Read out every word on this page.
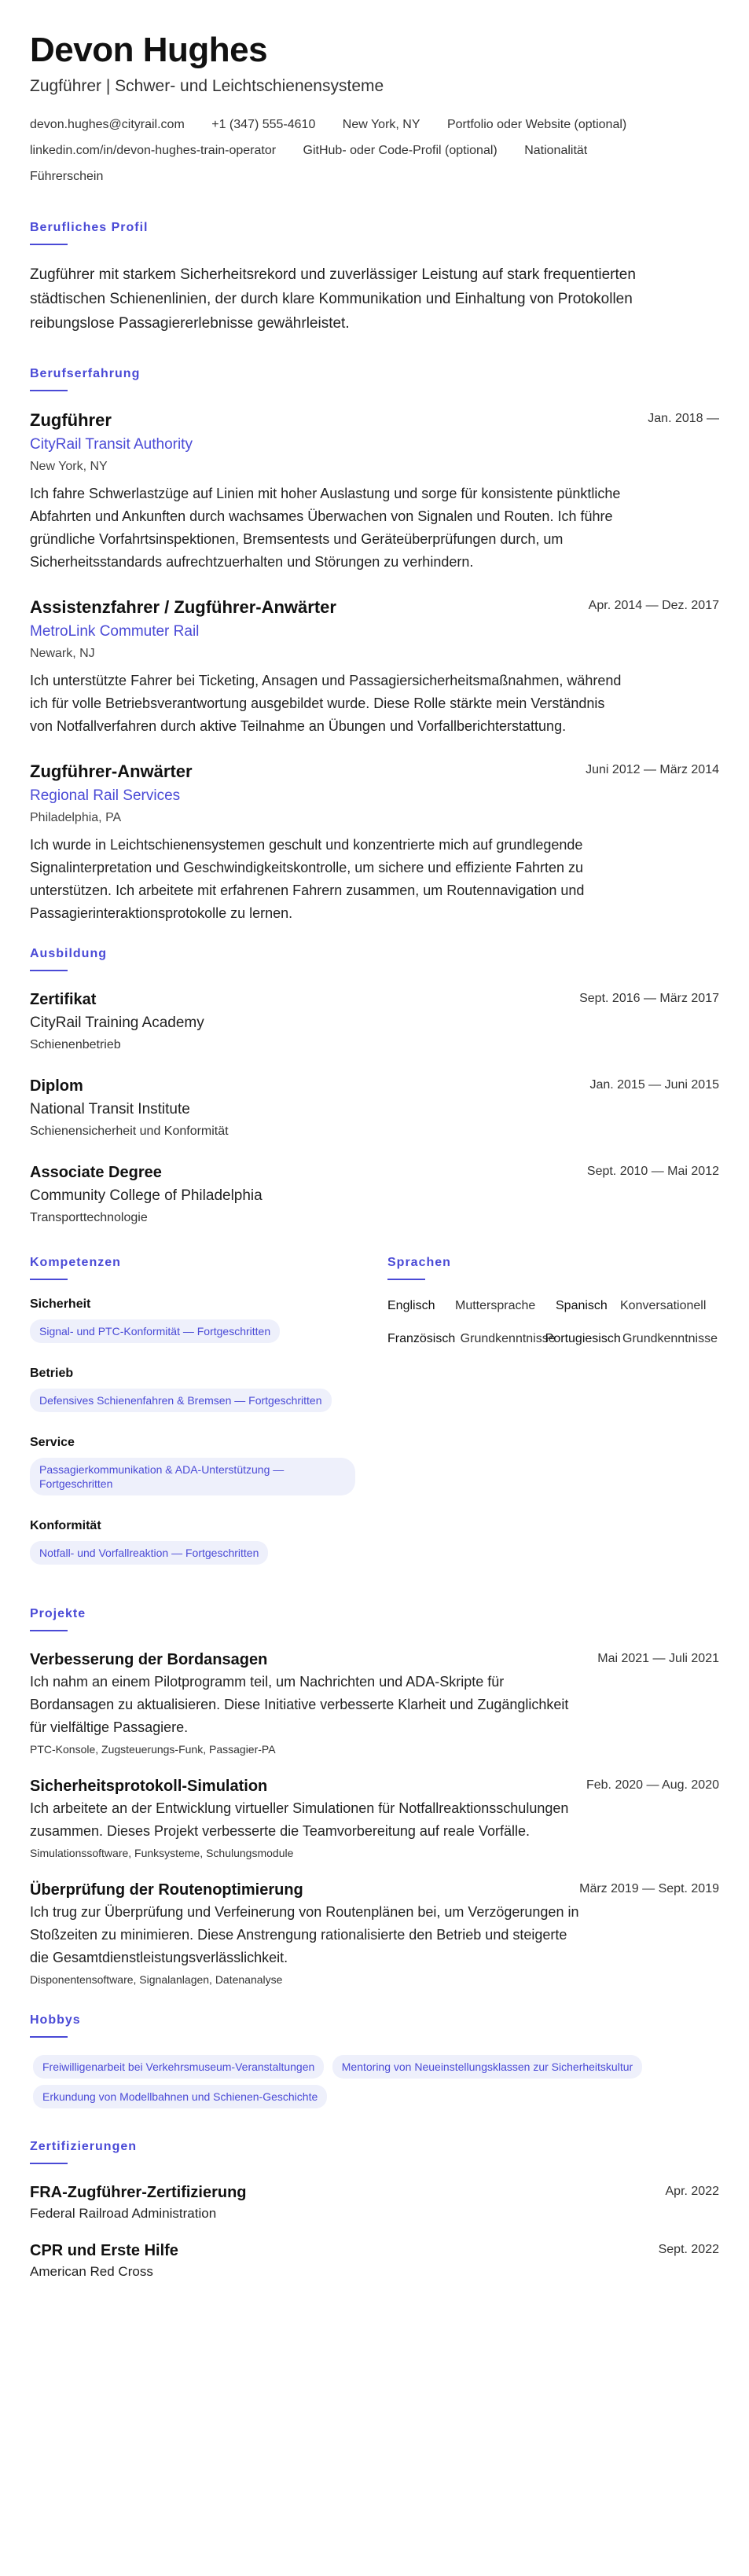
Devon Hughes
Zugführer | Schwer- und Leichtschienensysteme
devon.hughes@cityrail.com +1 (347) 555-4610 New York, NY Portfolio oder Website (optional)
linkedin.com/in/devon-hughes-train-operator GitHub- oder Code-Profil (optional) Nationalität
Führerschein
Berufliches Profil
Zugführer mit starkem Sicherheitsrekord und zuverlässiger Leistung auf stark frequentierten städtischen Schienenlinien, der durch klare Kommunikation und Einhaltung von Protokollen reibungslose Passagiererlebnisse gewährleistet.
Berufserfahrung
Zugführer	Jan. 2018 —
CityRail Transit Authority
New York, NY
Ich fahre Schwerlastzüge auf Linien mit hoher Auslastung und sorge für konsistente pünktliche Abfahrten und Ankunften durch wachsames Überwachen von Signalen und Routen. Ich führe gründliche Vorfahrtsinspektionen, Bremsentests und Geräteüberprüfungen durch, um Sicherheitsstandards aufrechtzuerhalten und Störungen zu verhindern.
Assistenzfahrer / Zugführer-Anwärter	Apr. 2014 — Dez. 2017
MetroLink Commuter Rail
Newark, NJ
Ich unterstützte Fahrer bei Ticketing, Ansagen und Passagiersicherheitsmaßnahmen, während ich für volle Betriebsverantwortung ausgebildet wurde. Diese Rolle stärkte mein Verständnis von Notfallverfahren durch aktive Teilnahme an Übungen und Vorfallberichterstattung.
Zugführer-Anwärter	Juni 2012 — März 2014
Regional Rail Services
Philadelphia, PA
Ich wurde in Leichtschienensystemen geschult und konzentrierte mich auf grundlegende Signalinterpretation und Geschwindigkeitskontrolle, um sichere und effiziente Fahrten zu unterstützen. Ich arbeitete mit erfahrenen Fahrern zusammen, um Routennavigation und Passagierinteraktionsprotokolle zu lernen.
Ausbildung
Zertifikat	Sept. 2016 — März 2017
CityRail Training Academy
Schienenbetrieb
Diplom	Jan. 2015 — Juni 2015
National Transit Institute
Schienensicherheit und Konformität
Associate Degree	Sept. 2010 — Mai 2012
Community College of Philadelphia
Transporttechnologie
Kompetenzen
Sicherheit
Signal- und PTC-Konformität — Fortgeschritten
Betrieb
Defensives Schienenfahren & Bremsen — Fortgeschritten
Service
Passagierkommunikation & ADA-Unterstützung — Fortgeschritten
Konformität
Notfall- und Vorfallreaktion — Fortgeschritten
Sprachen
Englisch	Muttersprache	Spanisch	Konversationell
Französisch Grundkenntnisse
Portugiesisch Grundkenntnisse
Projekte
Verbesserung der Bordansagen	Mai 2021 — Juli 2021
Ich nahm an einem Pilotprogramm teil, um Nachrichten und ADA-Skripte für Bordansagen zu aktualisieren. Diese Initiative verbesserte Klarheit und Zugänglichkeit für vielfältige Passagiere.
PTC-Konsole, Zugsteuerungs-Funk, Passagier-PA
Sicherheitsprotokoll-Simulation	Feb. 2020 — Aug. 2020
Ich arbeitete an der Entwicklung virtueller Simulationen für Notfallreaktionsschulungen zusammen. Dieses Projekt verbesserte die Teamvorbereitung auf reale Vorfälle.
Simulationssoftware, Funksysteme, Schulungsmodule
Überprüfung der Routenoptimierung	März 2019 — Sept. 2019
Ich trug zur Überprüfung und Verfeinerung von Routenplänen bei, um Verzögerungen in Stoßzeiten zu minimieren. Diese Anstrengung rationalisierte den Betrieb und steigerte die Gesamtdienstleistungsverlässlichkeit.
Disponentensoftware, Signalanlagen, Datenanalyse
Hobbys
Freiwilligenarbeit bei Verkehrsmuseum-Veranstaltungen Mentoring von Neueinstellungsklassen zur Sicherheitskultur
Erkundung von Modellbahnen und Schienen-Geschichte
Zertifizierungen
FRA-Zugführer-Zertifizierung	Apr. 2022
Federal Railroad Administration
CPR und Erste Hilfe	Sept. 2022
American Red Cross
